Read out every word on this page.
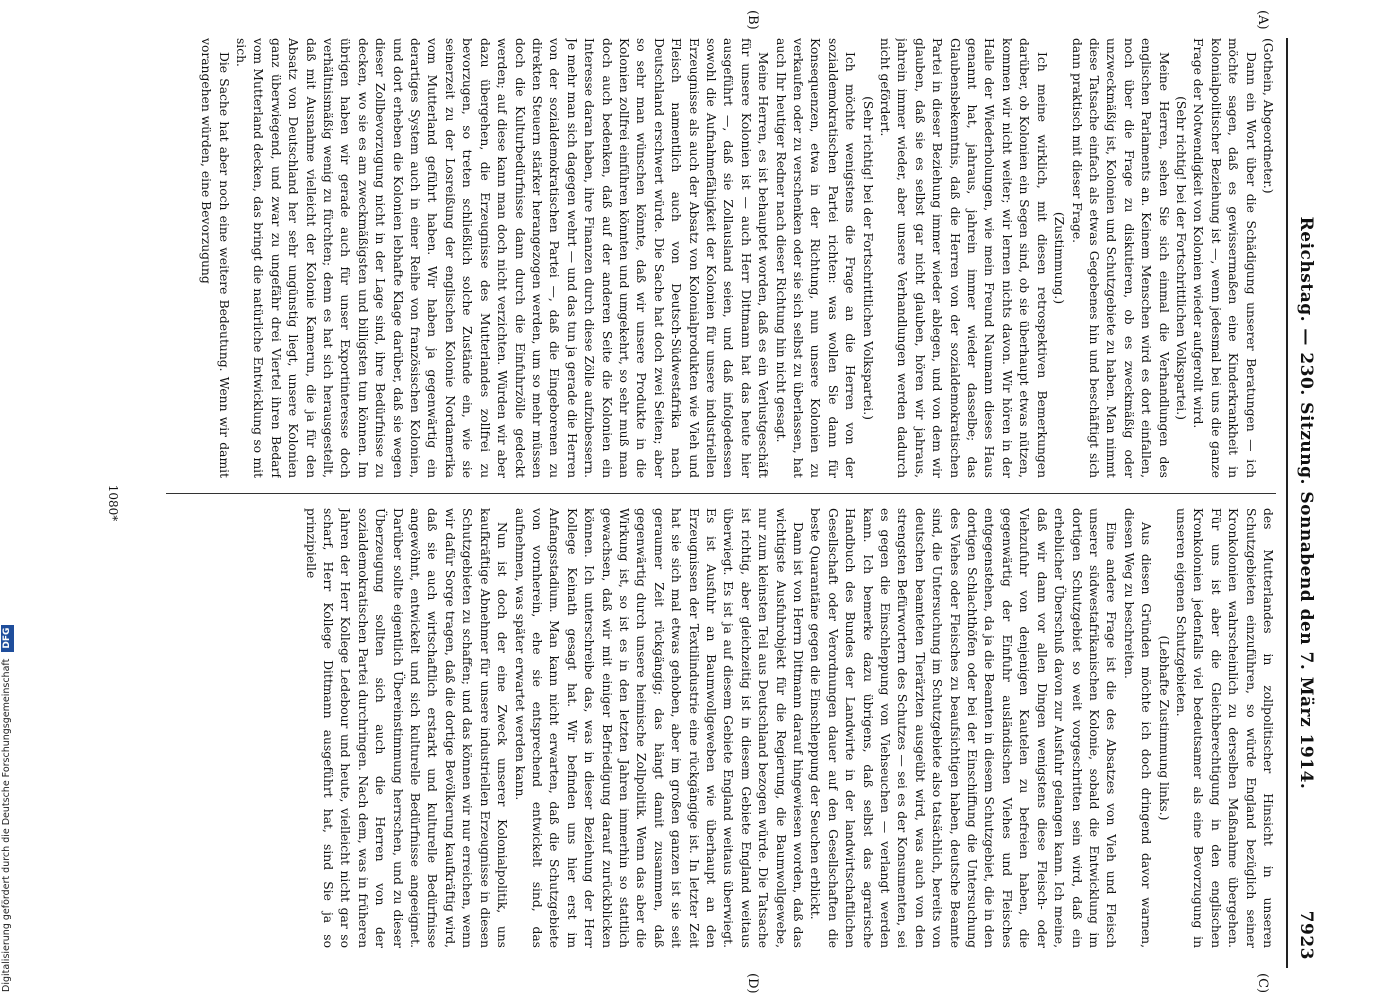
Reichstag. — 230. Sitzung. Sonnabend den 7. März 1914.
7923
(A)
(B)
(C)
(D)

(Gothein, Abgeordneter.)

Dann ein Wort über die Schädigung unserer Beratungen — ich möchte sagen, daß es gewissermaßen eine Kinderkrankheit in kolonialpolitischer Beziehung ist —, wenn jedesmal bei uns die ganze Frage der Notwendigkeit von Kolonien wieder aufgerollt wird.

(Sehr richtig! bei der Fortschrittlichen Volkspartei.)

Meine Herren, sehen Sie sich einmal die Verhandlungen des englischen Parlaments an. Keinem Menschen wird es dort einfallen, noch über die Frage zu diskutieren, ob es zweckmäßig oder unzweckmäßig ist, Kolonien und Schutzgebiete zu haben. Man nimmt diese Tatsache einfach als etwas Gegebenes hin und beschäftigt sich dann praktisch mit dieser Frage.

(Zustimmung.)

Ich meine wirklich, mit diesen retrospektiven Bemerkungen darüber, ob Kolonien ein Segen sind, ob sie überhaupt etwas nützen, kommen wir nicht weiter; wir lernen nichts davon. Wir hören in der Halle der Wiederholungen, wie mein Freund Naumann dieses Haus genannt hat, jahraus, jahrein immer wieder dasselbe; das Glaubensbekenntnis, daß die Herren von der sozialdemokratischen Partei in dieser Beziehung immer wieder ablegen, und von dem wir glauben, daß sie es selbst gar nicht glauben, hören wir jahraus, jahrein immer wieder, aber unsere Verhandlungen werden dadurch nicht gefördert.

(Sehr richtig! bei der Fortschrittlichen Volkspartei.)

Ich möchte wenigstens die Frage an die Herren von der sozialdemokratischen Partei richten: was wollen Sie dann für Konsequenzen, etwa in der Richtung, nun unsere Kolonien zu verkaufen oder zu verschenken oder sie sich selbst zu überlassen, hat auch Ihr heutiger Redner nach dieser Richtung hin nicht gesagt.

Meine Herren, es ist behauptet worden, daß es ein Verlustgeschäft für unsere Kolonien ist — auch Herr Dittmann hat das heute hier ausgeführt —, daß sie Zollausland seien, und daß infolgedessen sowohl die Aufnahmefähigkeit der Kolonien für unsere industriellen Erzeugnisse als auch der Absatz von Kolonialprodukten wie Vieh und Fleisch namentlich auch von Deutsch-Südwestafrika nach Deutschland erschwert würde. Die Sache hat doch zwei Seiten; aber so sehr man wünschen könnte, daß wir unsere Produkte in die Kolonien zollfrei einführen könnten und umgekehrt, so sehr muß man doch auch bedenken, daß auf der anderen Seite die Kolonien ein Interesse daran haben, ihre Finanzen durch diese Zölle aufzubessern. Je mehr man sich dagegen wehrt — und das tun ja gerade die Herren von der sozialdemokratischen Partei —, daß die Eingeborenen zu direkten Steuern stärker herangezogen werden, um so mehr müssen doch die Kulturbedürfnisse dann durch die Einfuhrzölle gedeckt werden; auf diese kann man doch nicht verzichten. Würden wir aber dazu übergehen, die Erzeugnisse des Mutterlandes zollfrei zu bevorzugen, so treten schließlich solche Zustände ein, wie sie seinerzeit zu der Losreißung der englischen Kolonie Nordamerika vom Mutterland geführt haben. Wir haben ja gegenwärtig ein derartiges System auch in einer Reihe von französischen Kolonien, und dort erheben die Kolonien lebhafte Klage darüber, daß sie wegen dieser Zollbevorzugung nicht in der Lage sind, ihre Bedürfnisse zu decken, wo sie es am zweckmäßigsten und billigsten tun können. Im übrigen haben wir gerade auch für unser Exportinteresse doch verhältnismäßig wenig zu fürchten; denn es hat sich herausgestellt, daß mit Ausnahme vielleicht der Kolonie Kamerun, die ja für den Absatz von Deutschland her sehr ungünstig liegt, unsere Kolonien ganz überwiegend, und zwar zu ungefähr drei Viertel ihren Bedarf vom Mutterland decken, das bringt die natürliche Entwicklung so mit sich.

Die Sache hat aber noch eine weitere Bedeutung. Wenn wir damit vorangehen würden, eine Bevorzugung

des Mutterlandes in zollpolitischer Hinsicht in unseren Schutzgebieten einzuführen, so würde England bezüglich seiner Kronkolonien wahrscheinlich zu derselben Maßnahme übergehen. Für uns ist aber die Gleichberechtigung in den englischen Kronkolonien jedenfalls viel bedeutsamer als eine Bevorzugung in unseren eigenen Schutzgebieten.

(Lebhafte Zustimmung links.)

Aus diesen Gründen möchte ich doch dringend davor warnen, diesen Weg zu beschreiten.

Eine andere Frage ist die des Absatzes von Vieh und Fleisch unserer südwestafrikanischen Kolonie, sobald die Entwicklung im dortigen Schutzgebiet so weit vorgeschritten sein wird, daß ein erheblicher Überschuß davon zur Ausfuhr gelangen kann. Ich meine, daß wir dann vor allen Dingen wenigstens diese Fleisch- oder Viehzufuhr von denjenigen Kautelen zu befreien haben, die gegenwärtig der Einfuhr ausländischen Viehes und Fleisches entgegenstehen, da ja die Beamten in diesem Schutzgebiet, die in den dortigen Schlachthöfen oder bei der Einschiffung die Untersuchung des Viehes oder Fleisches zu beaufsichtigen haben, deutsche Beamte sind, die Untersuchung im Schutzgebiete also tatsächlich, bereits von deutschen beamteten Tierärzten ausgeübt wird, was auch von den strengsten Befürwortern des Schutzes — sei es der Konsumenten, sei es gegen die Einschleppung von Viehseuchen — verlangt werden kann. Ich bemerke dazu übrigens, daß selbst das agrarische Handbuch des Bundes der Landwirte in der landwirtschaftlichen Gesellschaft oder Verordnungen dauer auf den Gesellschaften die beste Quarantäne gegen die Einschleppung der Seuchen erblickt.

Dann ist von Herrn Dittmann darauf hingewiesen worden, daß das wichtigste Ausfuhrobjekt für die Regierung, die Baumwollgewebe, nur zum kleinsten Teil aus Deutschland bezogen würde. Die Tatsache ist richtig, aber gleichzeitig ist in diesem Gebiete England weitaus überwiegt. Es ist ja auf diesem Gebiete England weitaus überwiegt. Es ist Ausfuhr an Baumwollgeweben wie überhaupt an den Erzeugnissen der Textilindustrie eine rückgängige ist. In letzter Zeit hat sie sich mal etwas gehoben, aber im großen ganzen ist sie seit geraumer Zeit rückgängig; das hängt damit zusammen, daß gegenwärtig durch unsere heimische Zollpolitik. Wenn das aber die Wirkung ist, so ist es in den letzten Jahren immerhin so stattlich gewachsen, daß wir mit einiger Befriedigung darauf zurückblicken können. Ich unterschreibe das, was in dieser Beziehung der Herr Kollege Keinath gesagt hat. Wir befinden uns hier erst im Anfangsstadium. Man kann nicht erwarten, daß die Schutzgebiete von vornherein, ehe sie entsprechend entwickelt sind, das aufnehmen, was später erwartet werden kann.

Nun ist doch der eine Zweck unserer Kolonialpolitik, uns kaufkräftige Abnehmer für unsere industriellen Erzeugnisse in diesen Schutzgebieten zu schaffen; und das können wir nur erreichen, wenn wir dafür Sorge tragen, daß die dortige Bevölkerung kaufkräftig wird, daß sie auch wirtschaftlich erstarkt und kulturelle Bedürfnisse angewöhnt, entwickelt und sich kulturelle Bedürfnisse angeeignet. Darüber sollte eigentlich Übereinstimmung herrschen, und zu dieser Überzeugung sollten sich auch die Herren von der sozialdemokratischen Partei durchringen. Nach dem, was in früheren Jahren der Herr Kollege Ledebour und heute, vielleicht nicht gar so scharf, Herr Kollege Dittmann ausgeführt hat, sind Sie ja so prinzipielle

1080*
Digitalisierung gefördert durch die Deutsche Forschungsgemeinschaft DFG
